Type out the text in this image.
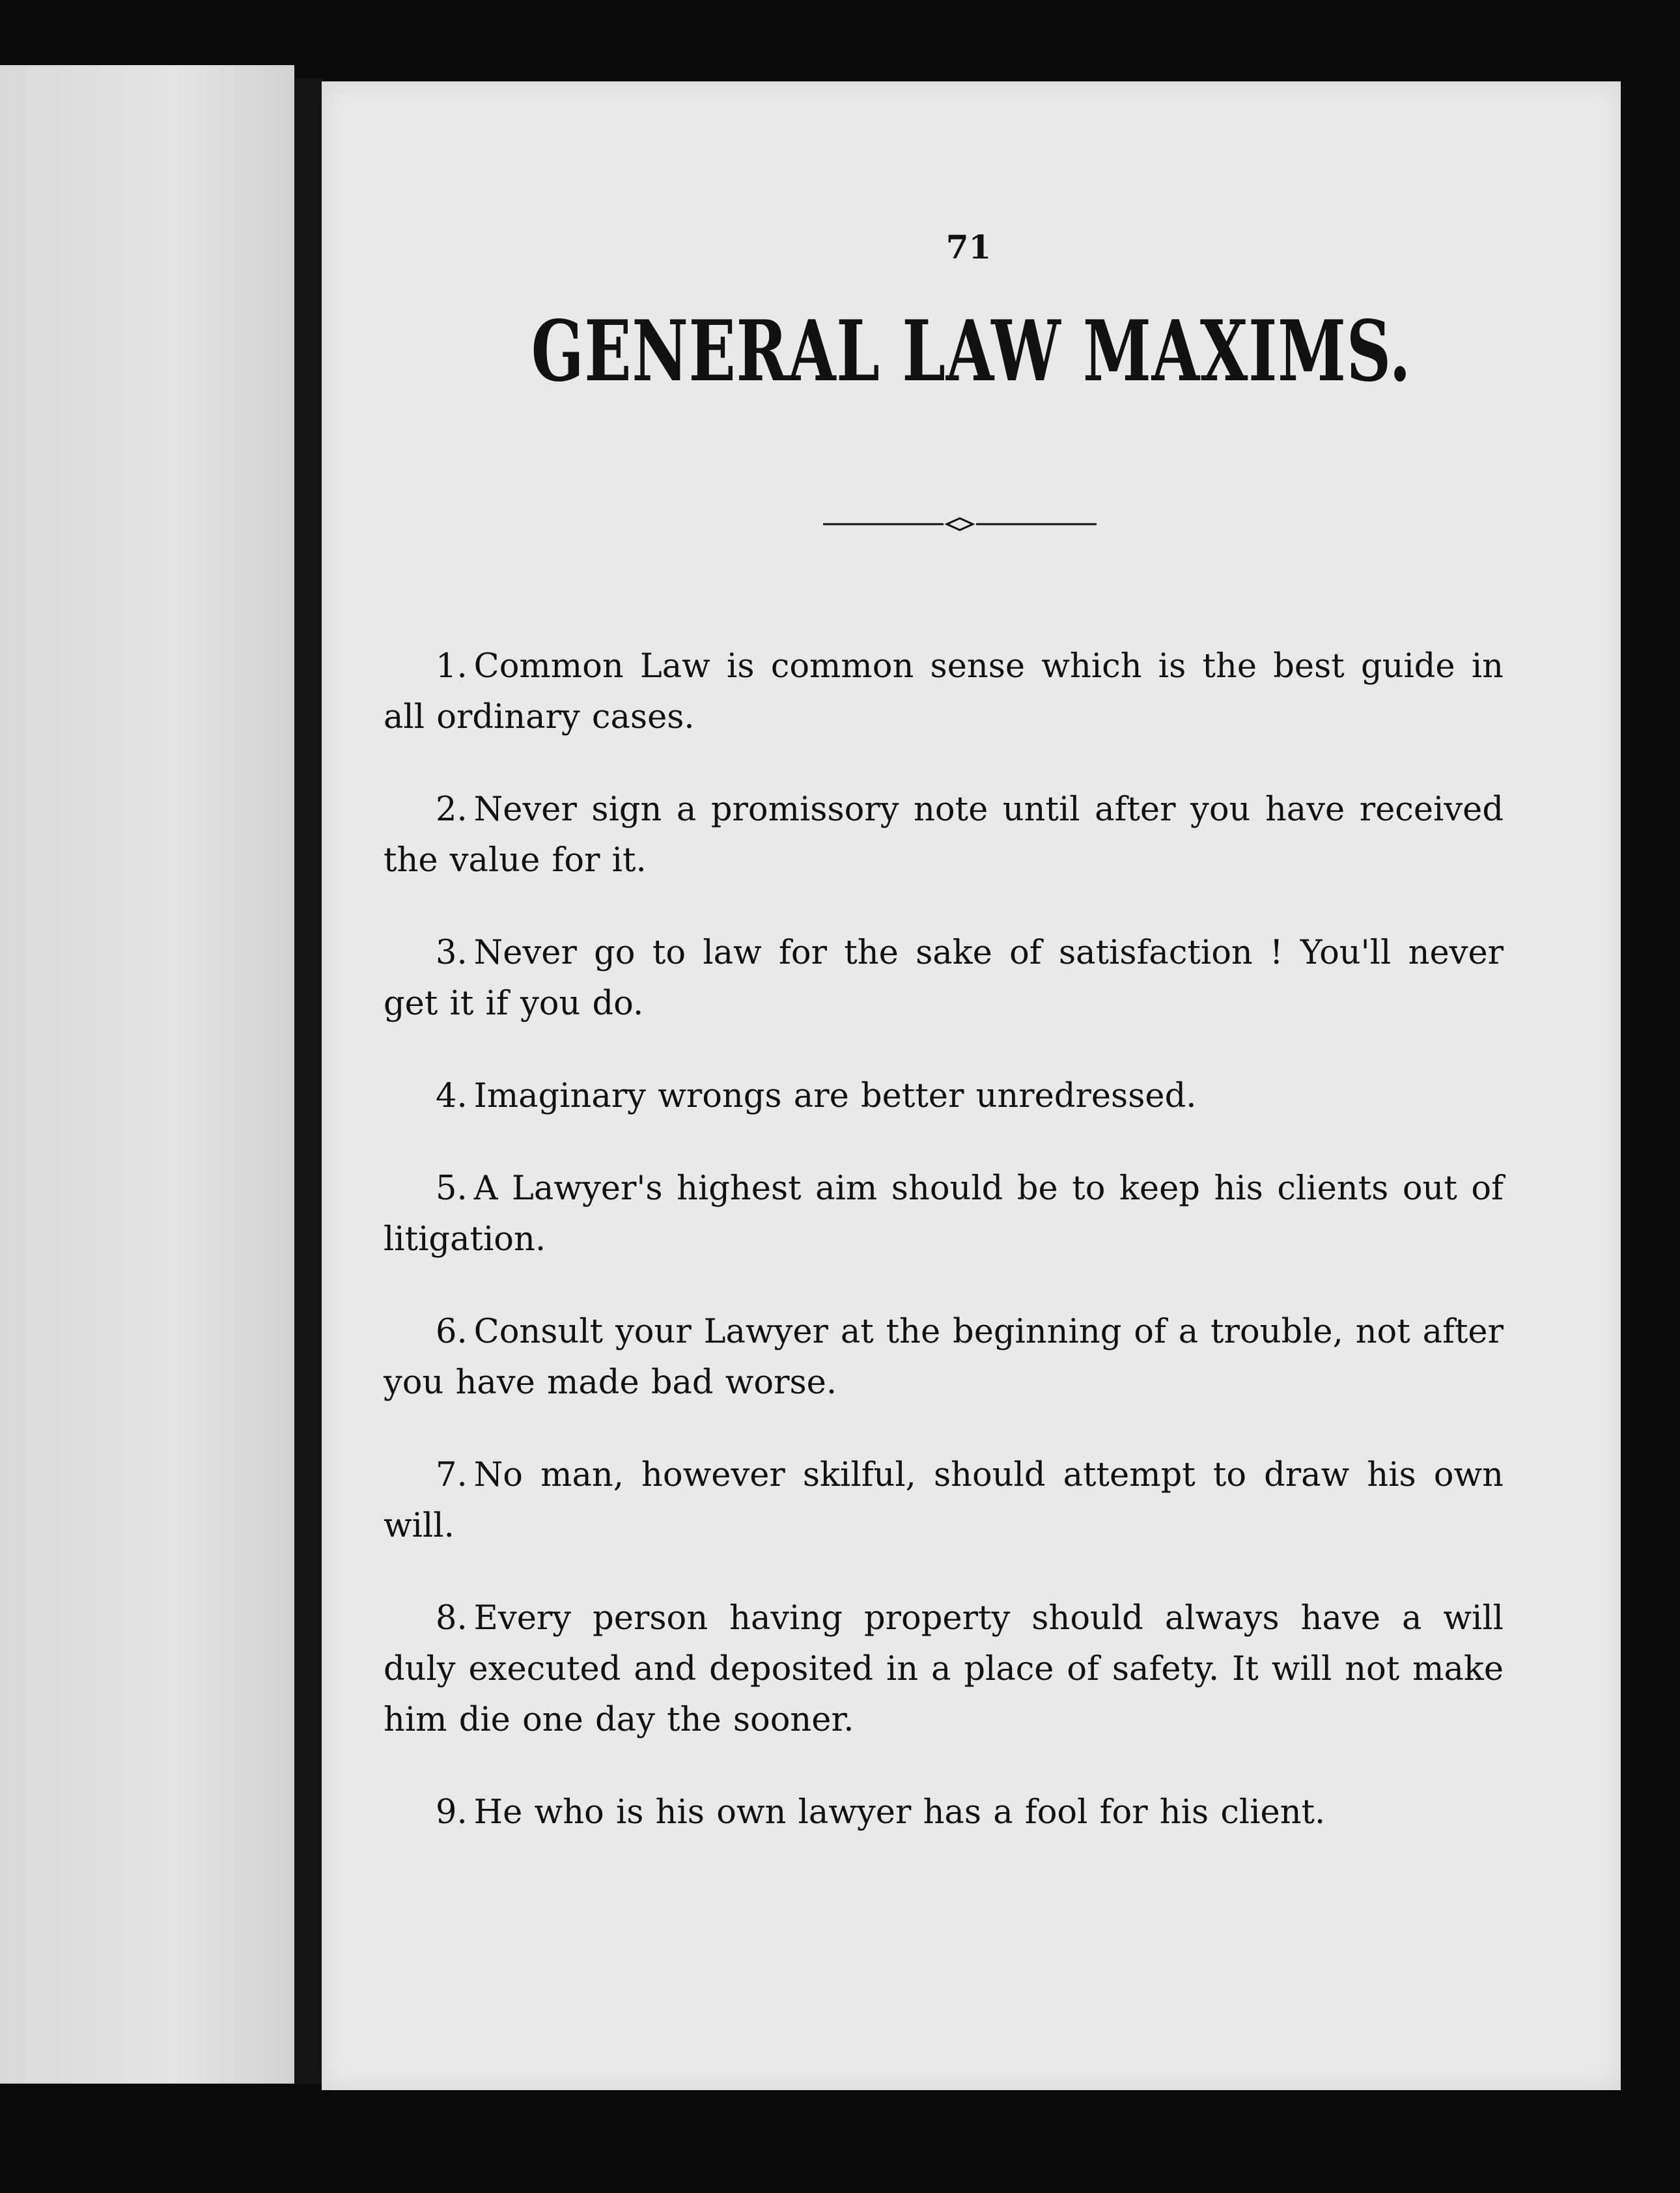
71

GENERAL LAW MAXIMS.
1. Common Law is common sense which is the best guide in all ordinary cases.
2. Never sign a promissory note until after you have received the value for it.
3. Never go to law for the sake of satisfaction ! You'll never get it if you do.
4. Imaginary wrongs are better unredressed.
5. A Lawyer's highest aim should be to keep his clients out of litigation.
6. Consult your Lawyer at the beginning of a trouble, not after you have made bad worse.
7. No man, however skilful, should attempt to draw his own will.
8. Every person having property should always have a will duly executed and deposited in a place of safety. It will not make him die one day the sooner.
9. He who is his own lawyer has a fool for his client.
